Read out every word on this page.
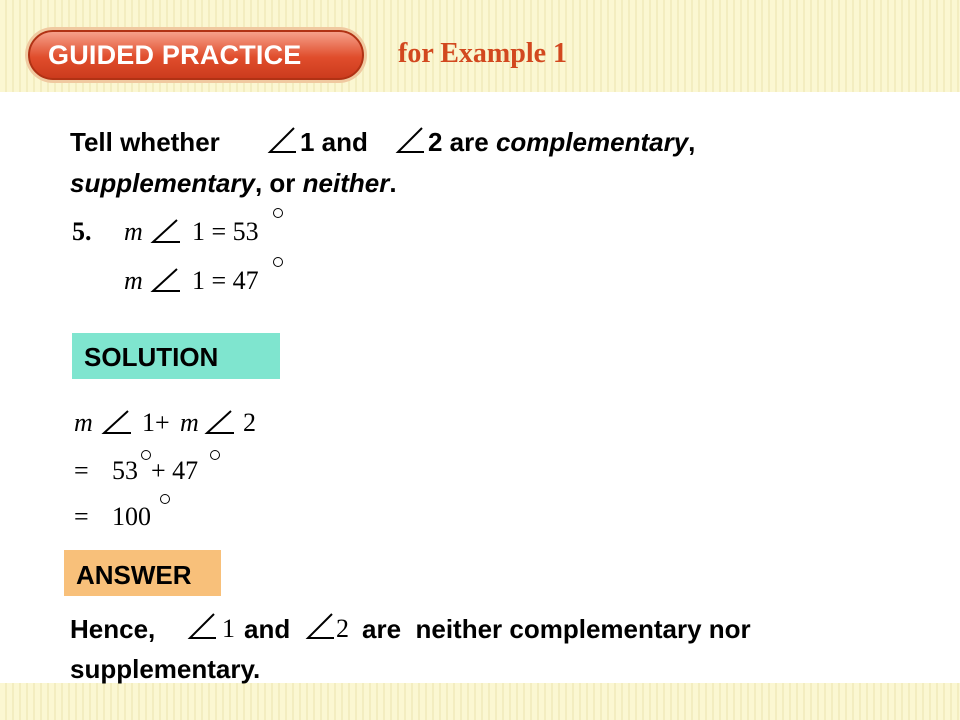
GUIDED PRACTICE	for Example 1
Tell whether	1 and 2 are complementary,
supplementary, or neither.
5. m 1 = 53
m 1 = 47
SOLUTION
m 1+ m 2
= 53 + 47
= 100
ANSWER
Hence,	1 and 2 are  neither complementary nor
supplementary.
